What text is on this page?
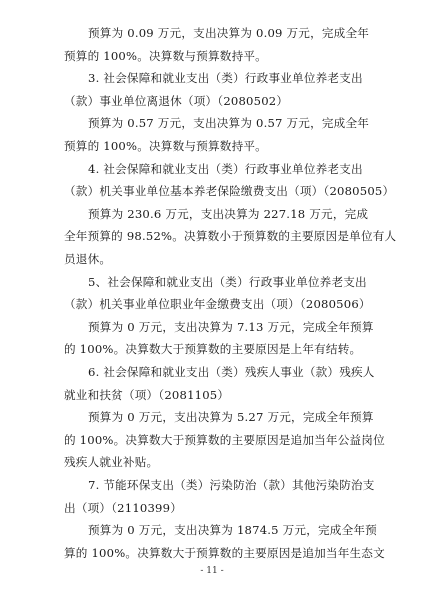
预算为 0.09 万元，支出决算为 0.09 万元，完成全年
预算的 100%。决算数与预算数持平。
3. 社会保障和就业支出（类）行政事业单位养老支出
（款）事业单位离退休（项）（2080502）
预算为 0.57 万元，支出决算为 0.57 万元，完成全年
预算的 100%。决算数与预算数持平。
4. 社会保障和就业支出（类）行政事业单位养老支出
（款）机关事业单位基本养老保险缴费支出（项）（2080505）
预算为 230.6 万元，支出决算为 227.18 万元，完成
全年预算的 98.52%。决算数小于预算数的主要原因是单位有人
员退休。
5、社会保障和就业支出（类）行政事业单位养老支出
（款）机关事业单位职业年金缴费支出（项）（2080506）
预算为 0 万元，支出决算为 7.13 万元，完成全年预算
的 100%。决算数大于预算数的主要原因是上年有结转。
6. 社会保障和就业支出（类）残疾人事业（款）残疾人
就业和扶贫（项）（2081105）
预算为 0 万元，支出决算为 5.27 万元，完成全年预算
的 100%。决算数大于预算数的主要原因是追加当年公益岗位
残疾人就业补贴。
7. 节能环保支出（类）污染防治（款）其他污染防治支
出（项）（2110399）
预算为 0 万元，支出决算为 1874.5 万元，完成全年预
算的 100%。决算数大于预算数的主要原因是追加当年生态文
- 11 -
